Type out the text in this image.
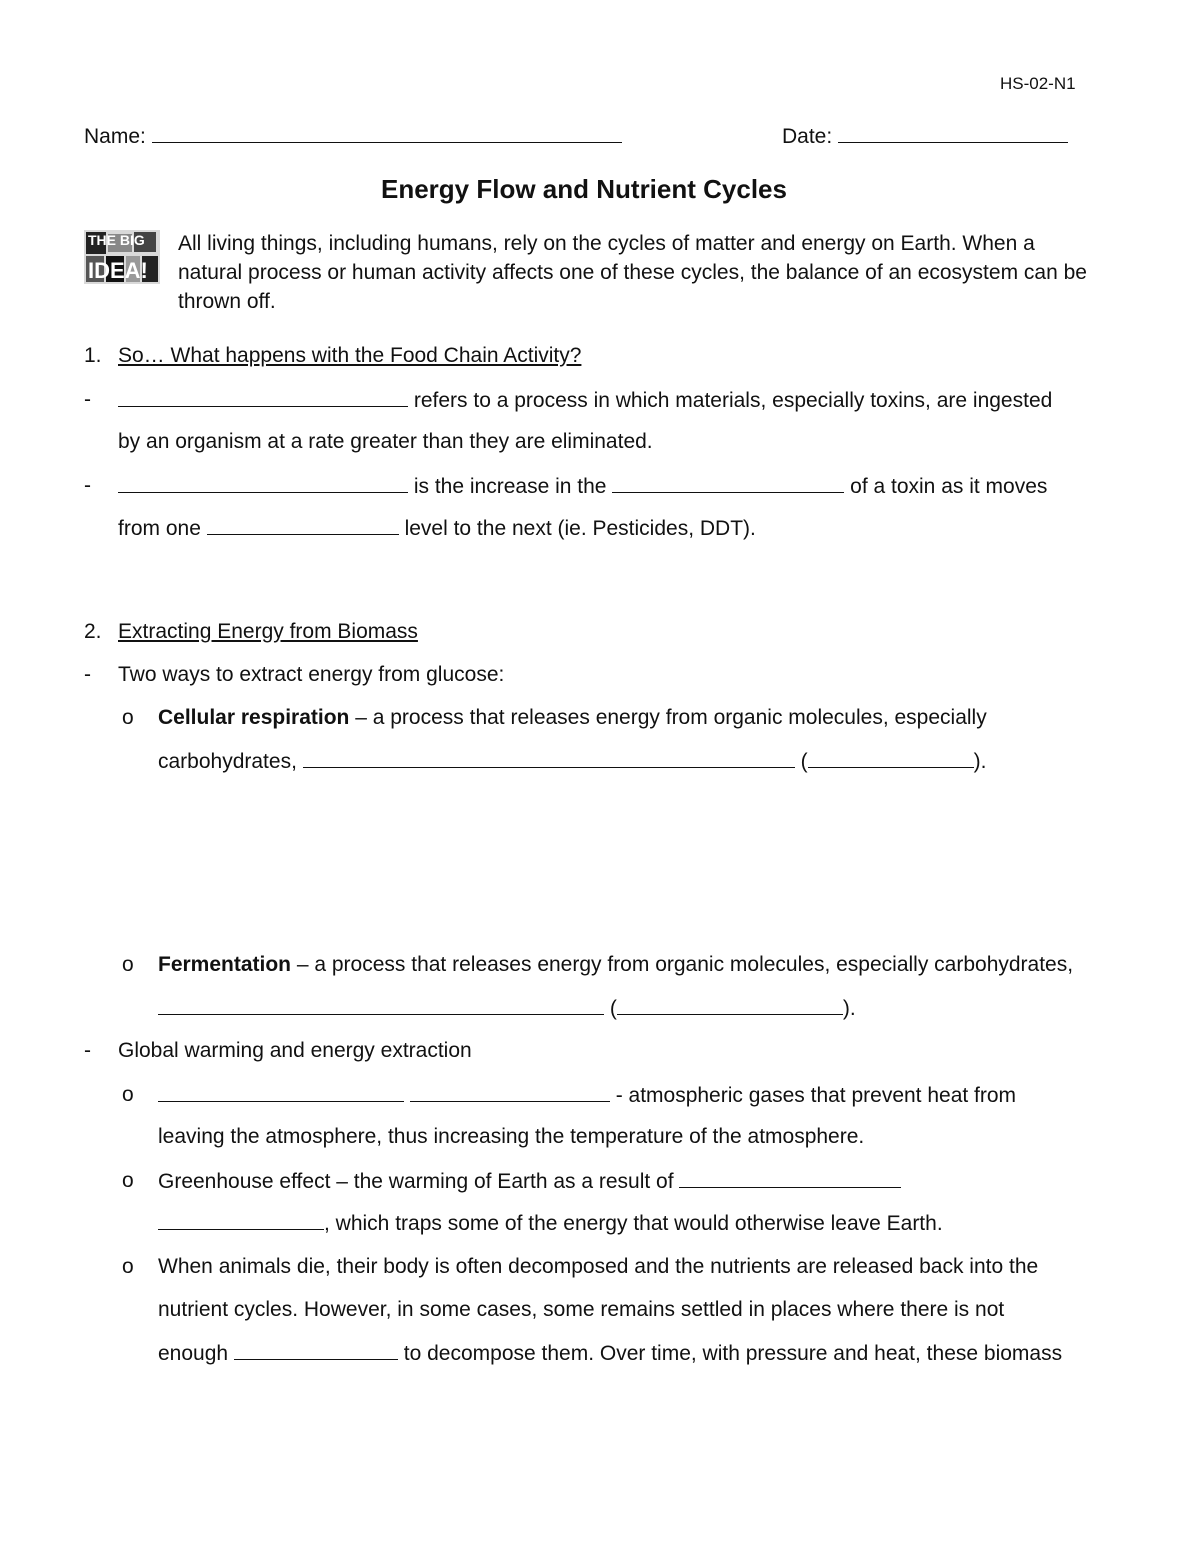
HS-02-N1
Name:	Date:
Energy Flow and Nutrient Cycles
THE BIG
IDEA!
All living things, including humans, rely on the cycles of matter and energy on Earth. When a natural process or human activity affects one of these cycles, the balance of an ecosystem can be thrown off.
1. So… What happens with the Food Chain Activity?
-	refers to a process in which materials, especially toxins, are ingested
by an organism at a rate greater than they are eliminated.
-	is the increase in the	of a toxin as it moves
from one	level to the next (ie. Pesticides, DDT).
2. Extracting Energy from Biomass
- Two ways to extract energy from glucose:
o Cellular respiration – a process that releases energy from organic molecules, especially
carbohydrates,	(	).
o Fermentation – a process that releases energy from organic molecules, especially carbohydrates,
(	).
- Global warming and energy extraction
o	- atmospheric gases that prevent heat from
leaving the atmosphere, thus increasing the temperature of the atmosphere.
o Greenhouse effect – the warming of Earth as a result of
, which traps some of the energy that would otherwise leave Earth.
o When animals die, their body is often decomposed and the nutrients are released back into the
nutrient cycles. However, in some cases, some remains settled in places where there is not
enough	to decompose them. Over time, with pressure and heat, these biomass
